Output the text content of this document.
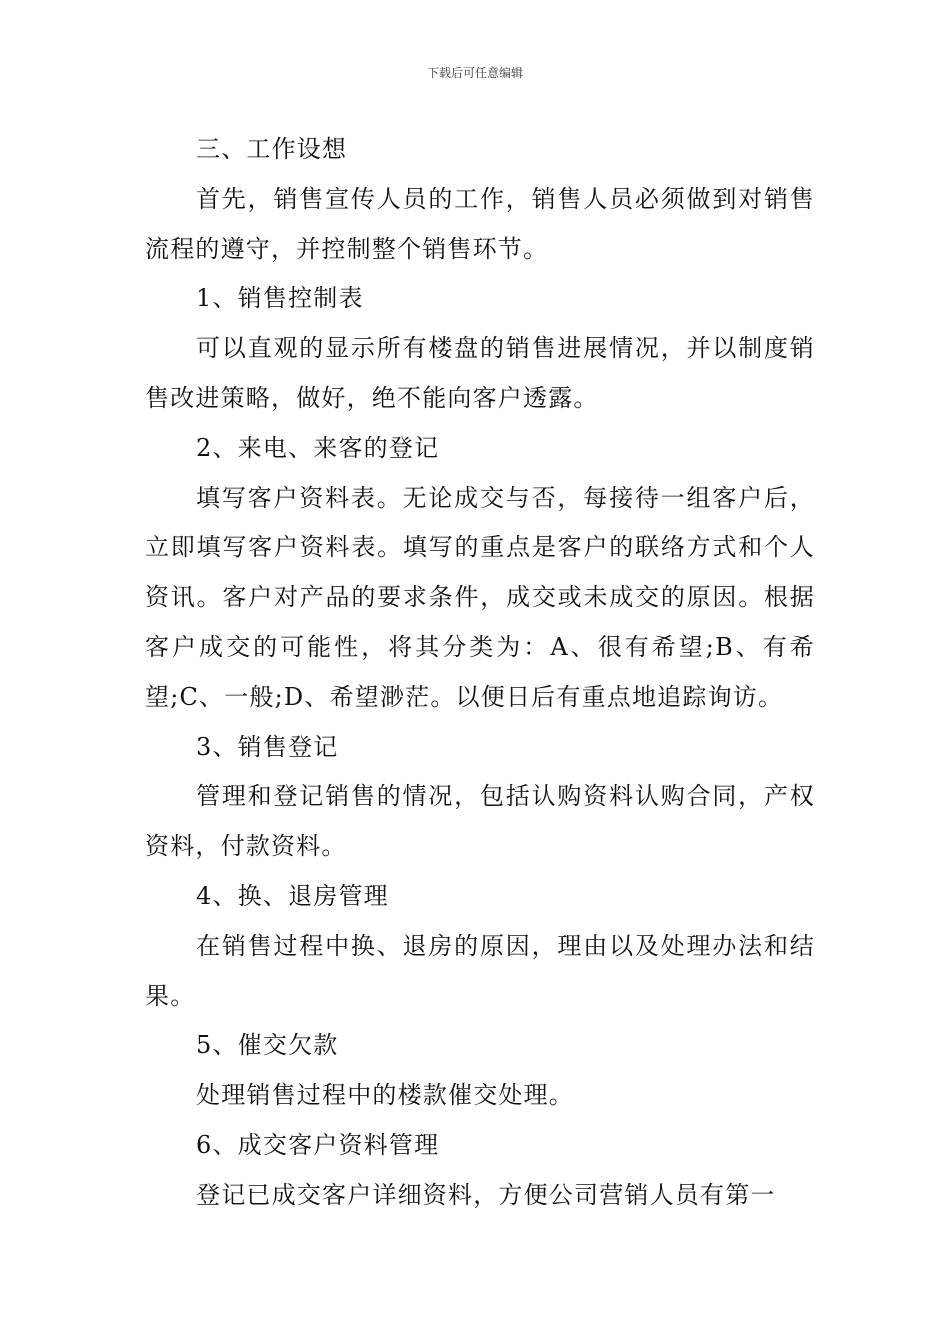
下载后可任意编辑

三、工作设想

首先，销售宣传人员的工作，销售人员必须做到对销售流程的遵守，并控制整个销售环节。

1、销售控制表

可以直观的显示所有楼盘的销售进展情况，并以制度销售改进策略，做好，绝不能向客户透露。

2、来电、来客的登记

填写客户资料表。无论成交与否，每接待一组客户后，立即填写客户资料表。填写的重点是客户的联络方式和个人资讯。客户对产品的要求条件，成交或未成交的原因。根据客户成交的可能性，将其分类为：A、很有希望;B、有希望;C、一般;D、希望渺茫。以便日后有重点地追踪询访。

3、销售登记

管理和登记销售的情况，包括认购资料认购合同，产权资料，付款资料。

4、换、退房管理

在销售过程中换、退房的原因，理由以及处理办法和结果。

5、催交欠款

处理销售过程中的楼款催交处理。

6、成交客户资料管理

登记已成交客户详细资料，方便公司营销人员有第一
